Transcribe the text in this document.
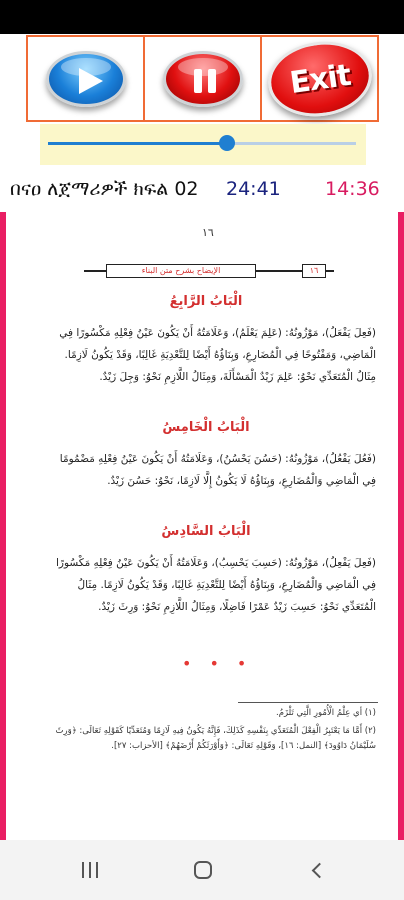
Exit
በናዐ ለጀማሪዎች ክፍል 02 24:41 14:36
١٦
الإيضاح بشرح متن البناء	١٦
الْبَابُ الرَّابِعُ
(فَعِلَ يَفْعَلُ)، مَوْزُونُهُ: (عَلِمَ يَعْلَمُ)، وَعَلَامَتُهُ أَنْ يَكُونَ عَيْنُ فِعْلِهِ مَكْسُورًا فِي الْمَاضِي، وَمَفْتُوحًا فِي الْمُضَارِعِ، وَبِنَاؤُهُ أَيْضًا لِلتَّعْدِيَةِ غَالِبًا، وَقَدْ يَكُونُ لَازِمًا. مِثَالُ الْمُتَعَدِّي نَحْوُ: عَلِمَ زَيْدٌ الْمَسْأَلَةَ، وَمِثَالُ اللَّازِمِ نَحْوُ: وَجِلَ زَيْدٌ.
الْبَابُ الْخَامِسُ
(فَعُلَ يَفْعُلُ)، مَوْزُونُهُ: (حَسُنَ يَحْسُنُ)، وَعَلَامَتُهُ أَنْ يَكُونَ عَيْنُ فِعْلِهِ مَضْمُومًا فِي الْمَاضِي وَالْمُضَارِعِ، وَبِنَاؤُهُ لَا يَكُونُ إِلَّا لَازِمًا، نَحْوُ: حَسُنَ زَيْدٌ.
الْبَابُ السَّادِسُ
(فَعِلَ يَفْعِلُ)، مَوْزُونُهُ: (حَسِبَ يَحْسِبُ)، وَعَلَامَتُهُ أَنْ يَكُونَ عَيْنُ فِعْلِهِ مَكْسُورًا فِي الْمَاضِي وَالْمُضَارِعِ، وَبِنَاؤُهُ أَيْضًا لِلتَّعْدِيَةِ غَالِبًا، وَقَدْ يَكُونُ لَازِمًا. مِثَالُ الْمُتَعَدِّي نَحْوُ: حَسِبَ زَيْدٌ عَمْرًا فَاضِلًا، وَمِثَالُ اللَّازِمِ نَحْوُ: وَرِثَ زَيْدٌ.
•••
(١) أي عِلْمُ الْأُمُورِ الَّتِي تَلْزَمُ.
(٢) أَمَّا مَا يَعْتَبِرُ الْفِعْلَ الْمُتَعَدِّي بِنَفْسِهِ كَذَلِكَ، فَإِنَّهُ يَكُونُ فِيهِ لَازِمًا وَمُتَعَدِّيًا كَقَوْلِهِ تَعَالَى: ﴿وَرِثَ سُلَيْمَانُ دَاوُودَ﴾ [النمل: ١٦]، وَقَوْلِهِ تَعَالَى: ﴿وَأَوْرَثَكُمْ أَرْضَهُمْ﴾ [الأحزاب: ٢٧].
